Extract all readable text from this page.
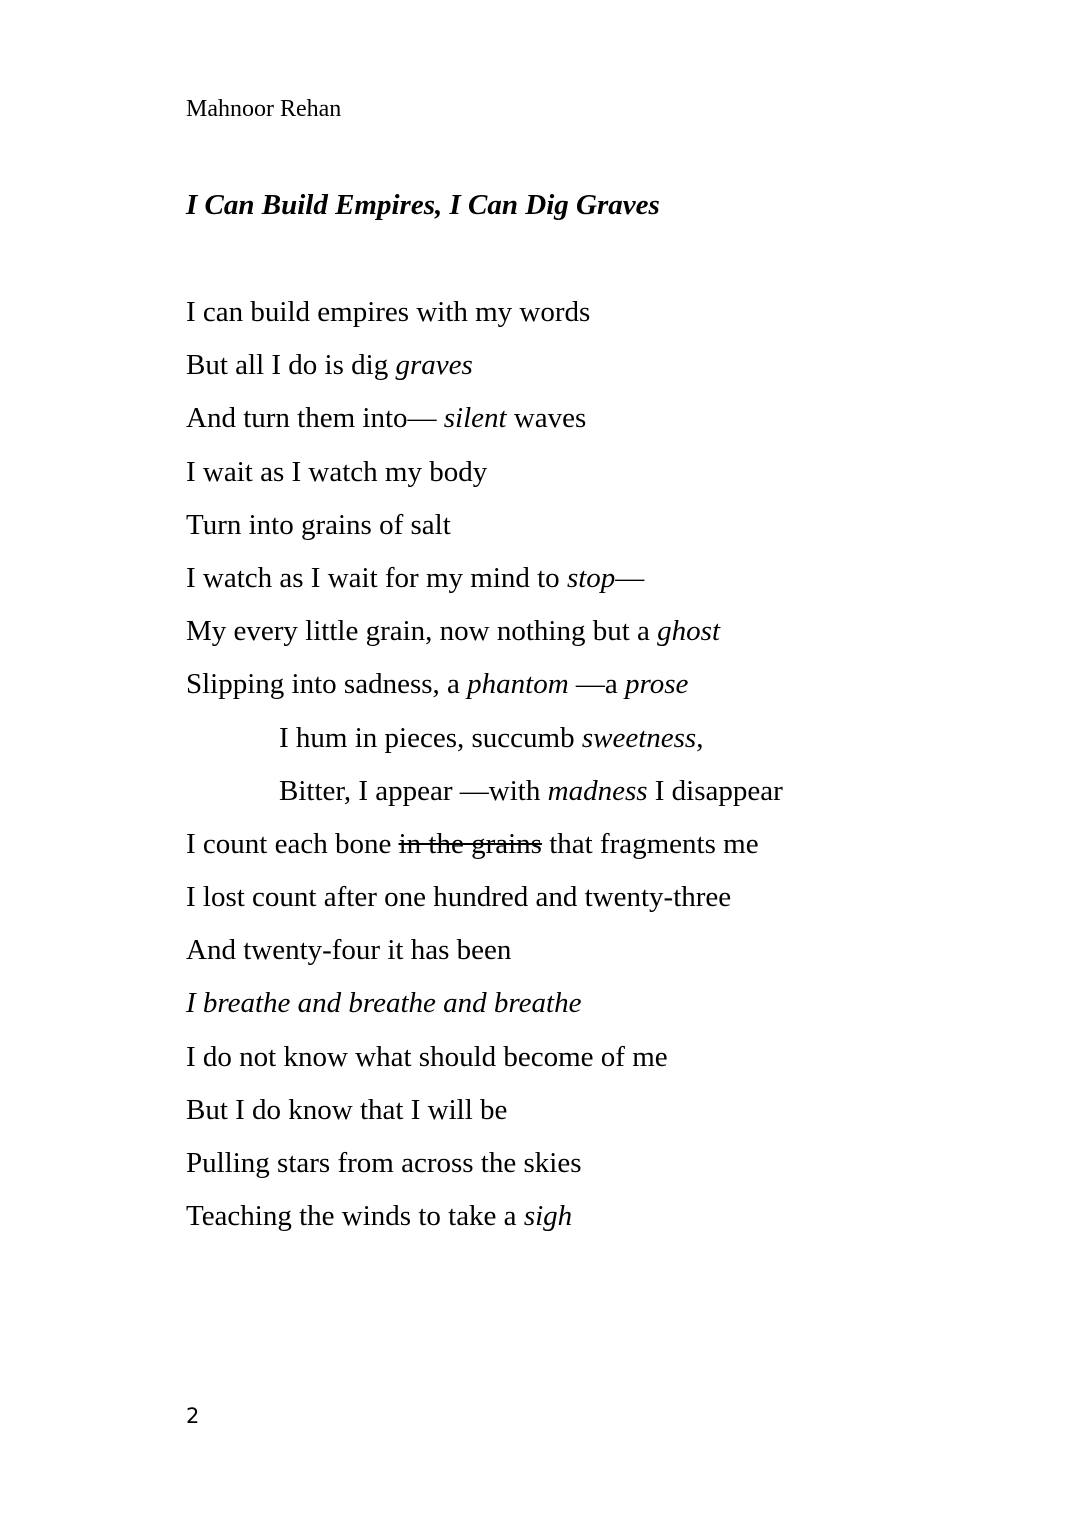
Mahnoor Rehan
I Can Build Empires, I Can Dig Graves
I can build empires with my words
But all I do is dig graves
And turn them into— silent waves
I wait as I watch my body
Turn into grains of salt
I watch as I wait for my mind to stop—
My every little grain, now nothing but a ghost
Slipping into sadness, a phantom —a prose
I hum in pieces, succumb sweetness,
Bitter, I appear —with madness I disappear
I count each bone in the grains that fragments me
I lost count after one hundred and twenty-three
And twenty-four it has been
I breathe and breathe and breathe
I do not know what should become of me
But I do know that I will be
Pulling stars from across the skies
Teaching the winds to take a sigh
2
